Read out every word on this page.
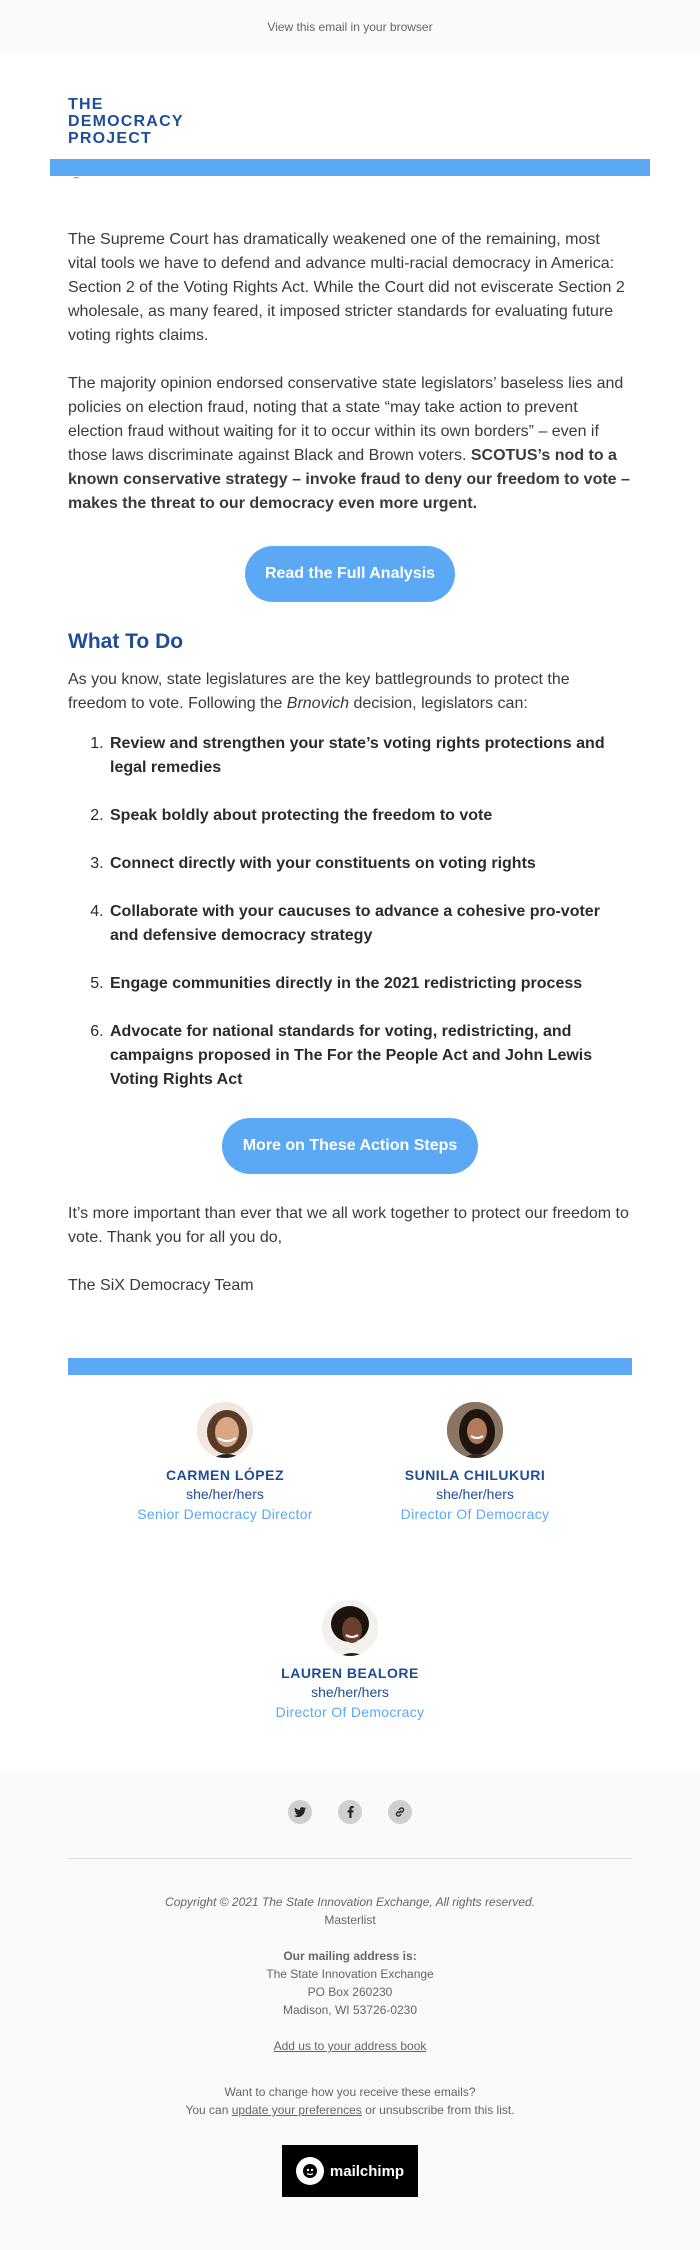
View this email in your browser
THE
DEMOCRACY
PROJECT
_

The Supreme Court has dramatically weakened one of the remaining, most vital tools we have to defend and advance multi-racial democracy in America: Section 2 of the Voting Rights Act. While the Court did not eviscerate Section 2 wholesale, as many feared, it imposed stricter standards for evaluating future voting rights claims.

The majority opinion endorsed conservative state legislators’ baseless lies and policies on election fraud, noting that a state “may take action to prevent election fraud without waiting for it to occur within its own borders” – even if those laws discriminate against Black and Brown voters. SCOTUS’s nod to a known conservative strategy – invoke fraud to deny our freedom to vote – makes the threat to our democracy even more urgent.

Read the Full Analysis
What To Do

As you know, state legislatures are the key battlegrounds to protect the freedom to vote. Following the Brnovich decision, legislators can:

1. Review and strengthen your state’s voting rights protections and legal remedies
2. Speak boldly about protecting the freedom to vote
3. Connect directly with your constituents on voting rights
4. Collaborate with your caucuses to advance a cohesive pro-voter and defensive democracy strategy
5. Engage communities directly in the 2021 redistricting process
6. Advocate for national standards for voting, redistricting, and campaigns proposed in The For the People Act and John Lewis Voting Rights Act
More on These Action Steps

It’s more important than ever that we all work together to protect our freedom to vote. Thank you for all you do,

The SiX Democracy Team

CARMEN LÓPEZ
she/her/hers
Senior Democracy Director
SUNILA CHILUKURI
she/her/hers
Director Of Democracy
LAUREN BEALORE
she/her/hers
Director Of Democracy
Copyright © 2021 The State Innovation Exchange, All rights reserved.
Masterlist
Our mailing address is:
The State Innovation Exchange
PO Box 260230
Madison, WI 53726-0230
Add us to your address book
Want to change how you receive these emails?
You can update your preferences or unsubscribe from this list.
mailchimp
